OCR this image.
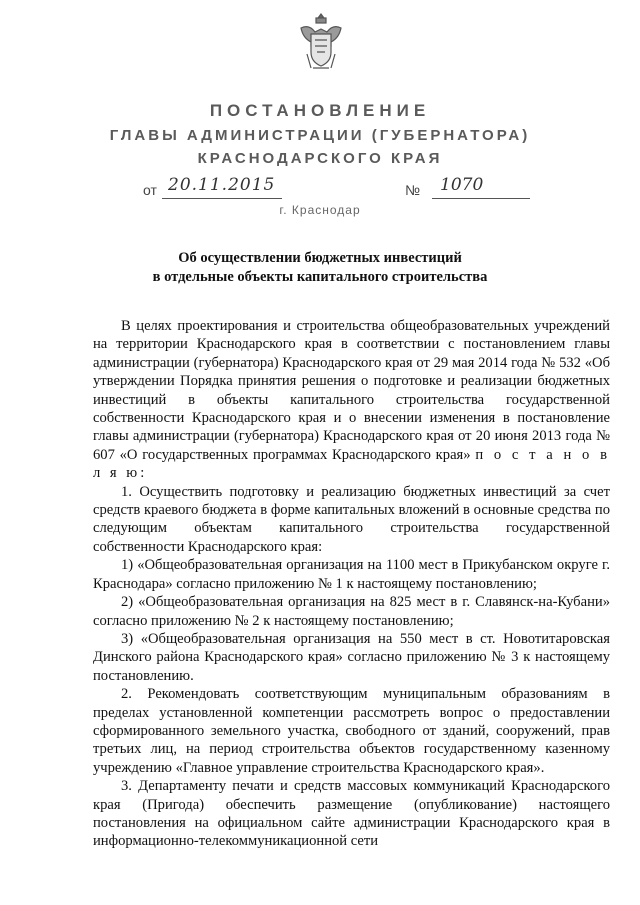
ПОСТАНОВЛЕНИЕ
ГЛАВЫ АДМИНИСТРАЦИИ (ГУБЕРНАТОРА)
КРАСНОДАРСКОГО КРАЯ
от 20.11.2015	№ 1070
г. Краснодар
Об осуществлении бюджетных инвестиций
в отдельные объекты капитального строительства

В целях проектирования и строительства общеобразовательных учреждений на территории Краснодарского края в соответствии с постановлением главы администрации (губернатора) Краснодарского края от 29 мая 2014 года № 532 «Об утверждении Порядка принятия решения о подготовке и реализации бюджетных инвестиций в объекты капитального строительства государственной собственности Краснодарского края и о внесении изменения в постановление главы администрации (губернатора) Краснодарского края от 20 июня 2013 года № 607 «О государственных программах Краснодарского края» п о с т а н о в л я ю:

1. Осуществить подготовку и реализацию бюджетных инвестиций за счет средств краевого бюджета в форме капитальных вложений в основные средства по следующим объектам капитального строительства государственной собственности Краснодарского края:

1) «Общеобразовательная организация на 1100 мест в Прикубанском округе г. Краснодара» согласно приложению № 1 к настоящему постановлению;

2) «Общеобразовательная организация на 825 мест в г. Славянск-на-Кубани» согласно приложению № 2 к настоящему постановлению;

3) «Общеобразовательная организация на 550 мест в ст. Новотитаровская Динского района Краснодарского края» согласно приложению № 3 к настоящему постановлению.

2. Рекомендовать соответствующим муниципальным образованиям в пределах установленной компетенции рассмотреть вопрос о предоставлении сформированного земельного участка, свободного от зданий, сооружений, прав третьих лиц, на период строительства объектов государственному казенному учреждению «Главное управление строительства Краснодарского края».

3. Департаменту печати и средств массовых коммуникаций Краснодарского края (Пригода) обеспечить размещение (опубликование) настоящего постановления на официальном сайте администрации Краснодарского края в информационно-телекоммуникационной сети
